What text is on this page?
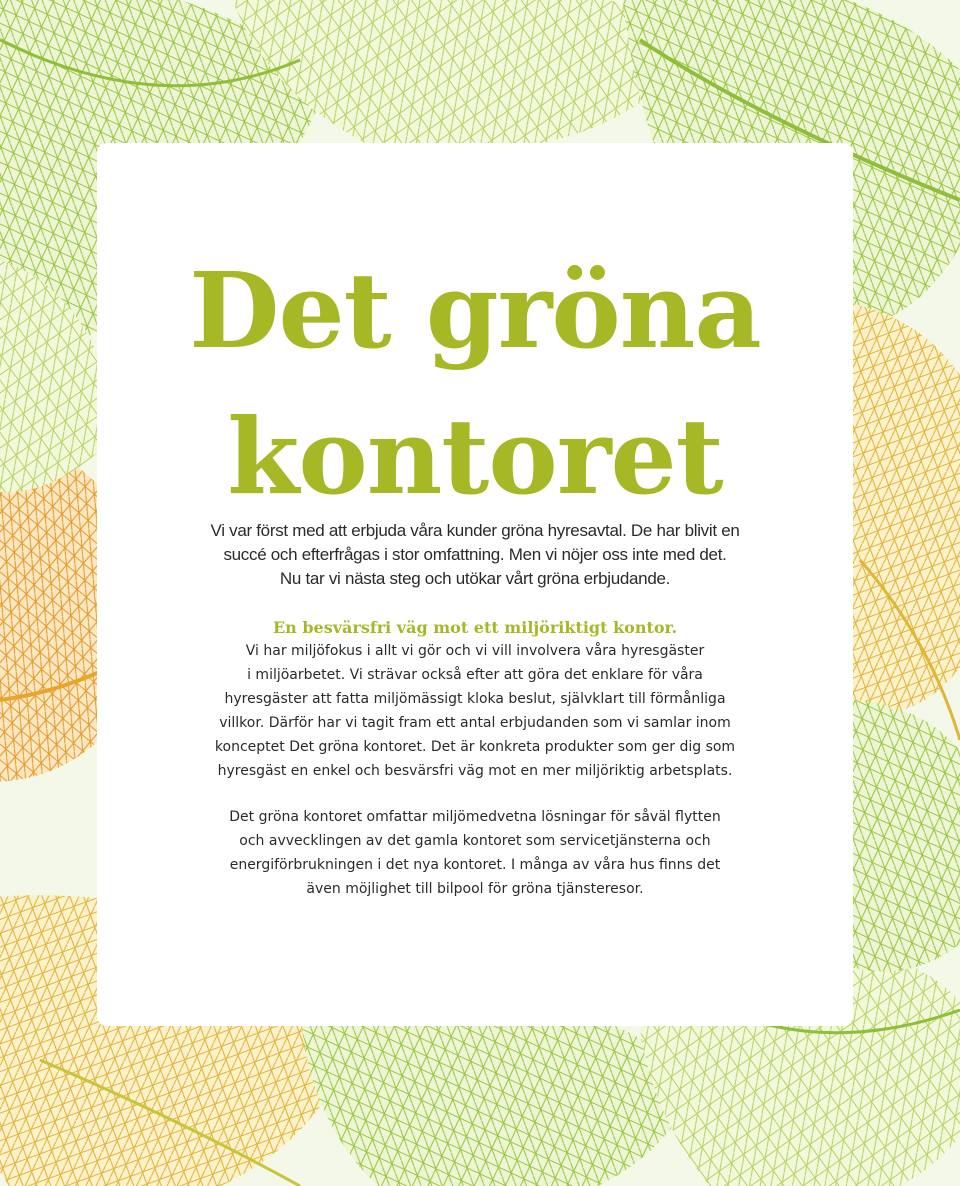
Det gröna
kontoret

Vi var först med att erbjuda våra kunder gröna hyresavtal. De har blivit en
succé och efterfrågas i stor omfattning. Men vi nöjer oss inte med det.
Nu tar vi nästa steg och utökar vårt gröna erbjudande.

En besvärsfri väg mot ett miljöriktigt kontor.

Vi har miljöfokus i allt vi gör och vi vill involvera våra hyresgäster
i miljöarbetet. Vi strävar också efter att göra det enklare för våra
hyresgäster att fatta miljömässigt kloka beslut, självklart till förmånliga
villkor. Därför har vi tagit fram ett antal erbjudanden som vi samlar inom
konceptet Det gröna kontoret. Det är konkreta produkter som ger dig som
hyresgäst en enkel och besvärsfri väg mot en mer miljöriktig arbetsplats.

Det gröna kontoret omfattar miljömedvetna lösningar för såväl flytten
och avvecklingen av det gamla kontoret som servicetjänsterna och
energiförbrukningen i det nya kontoret. I många av våra hus finns det
även möjlighet till bilpool för gröna tjänsteresor.
